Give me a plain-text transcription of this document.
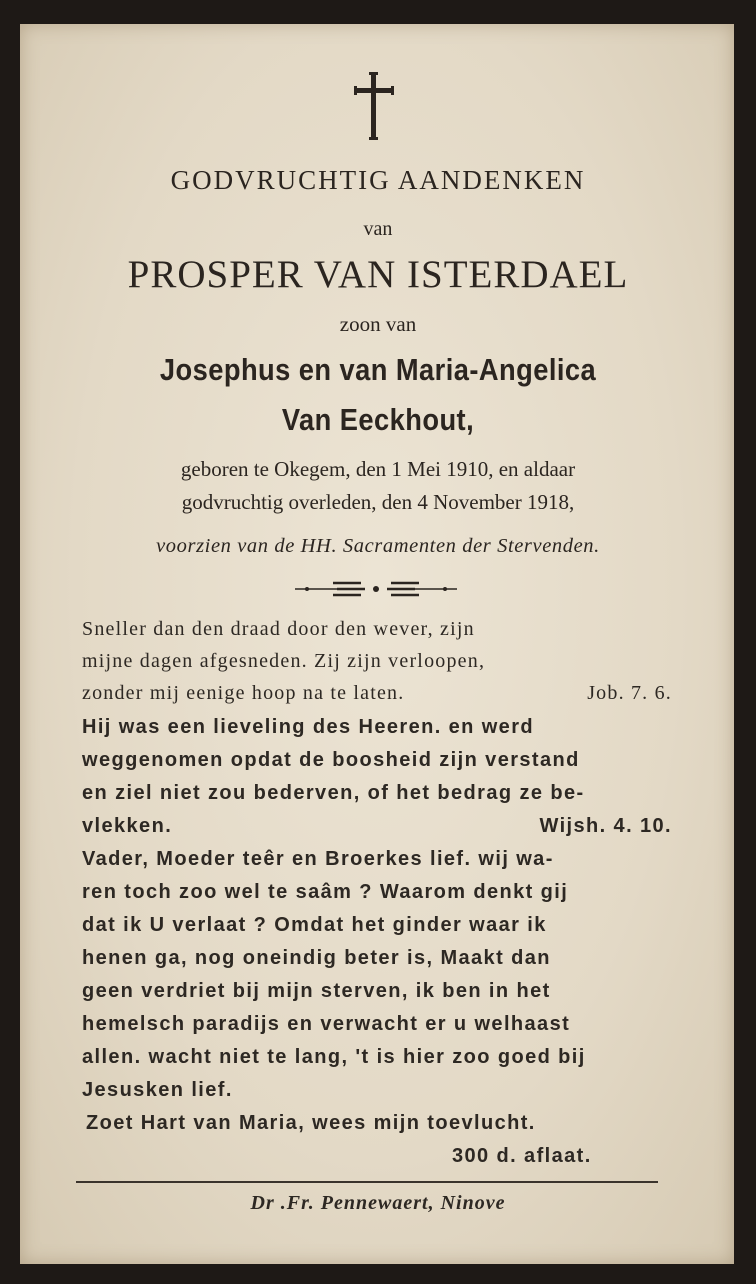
GODVRUCHTIG AANDENKEN
van
PROSPER VAN ISTERDAEL
zoon van
Josephus en van Maria-Angelica
Van Eeckhout,
geboren te Okegem, den 1 Mei 1910, en aldaar
godvruchtig overleden, den 4 November 1918,
voorzien van de HH. Sacramenten der Stervenden.
Sneller dan den draad door den wever, zijn
mijne dagen afgesneden. Zij zijn verloopen,
zonder mij eenige hoop na te laten.	Job. 7. 6.
Hij was een lieveling des Heeren. en werd
weggenomen opdat de boosheid zijn verstand
en ziel niet zou bederven, of het bedrag ze be-
vlekken.	Wijsh. 4. 10.
Vader, Moeder teêr en Broerkes lief. wij wa-
ren toch zoo wel te saâm ? Waarom denkt gij
dat ik U verlaat ? Omdat het ginder waar ik
henen ga, nog oneindig beter is, Maakt dan
geen verdriet bij mijn sterven, ik ben in het
hemelsch paradijs en verwacht er u welhaast
allen. wacht niet te lang, 't is hier zoo goed bij
Jesusken lief.
Zoet Hart van Maria, wees mijn toevlucht.
300 d. aflaat.
Dr .Fr. Pennewaert, Ninove
